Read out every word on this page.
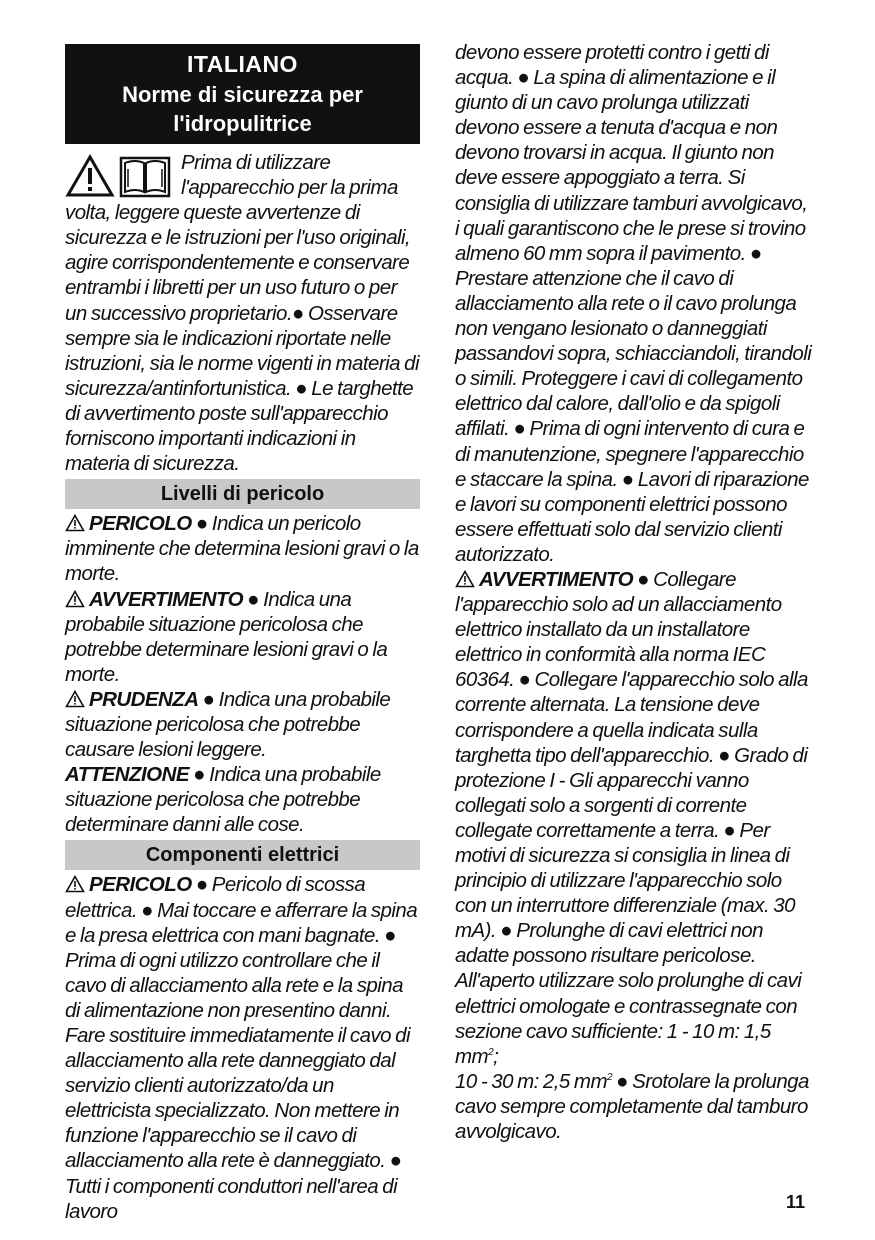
ITALIANO
Norme di sicurezza per l'idropulitrice

Prima di utilizzare l'apparecchio per la prima volta, leggere queste avvertenze di sicurezza e le istruzioni per l'uso originali, agire corrispondentemente e conservare entrambi i libretti per un uso futuro o per un successivo proprietario.● Osservare sempre sia le indicazioni riportate nelle istruzioni, sia le norme vigenti in materia di sicurezza/antinfortunistica. ● Le targhette di avvertimento poste sull'apparecchio forniscono importanti indicazioni in materia di sicurezza.

Livelli di pericolo

PERICOLO ● Indica un pericolo imminente che determina lesioni gravi o la morte.

AVVERTIMENTO ● Indica una probabile situazione pericolosa che potrebbe determinare lesioni gravi o la morte.

PRUDENZA ● Indica una probabile situazione pericolosa che potrebbe causare lesioni leggere.

ATTENZIONE ● Indica una probabile situazione pericolosa che potrebbe determinare danni alle cose.

Componenti elettrici

PERICOLO ● Pericolo di scossa elettrica. ● Mai toccare e afferrare la spina e la presa elettrica con mani bagnate. ● Prima di ogni utilizzo controllare che il cavo di allacciamento alla rete e la spina di alimentazione non presentino danni. Fare sostituire immediatamente il cavo di allacciamento alla rete danneggiato dal servizio clienti autorizzato/da un elettricista specializzato. Non mettere in funzione l'apparecchio se il cavo di allacciamento alla rete è danneggiato. ● Tutti i componenti conduttori nell'area di lavoro

devono essere protetti contro i getti di acqua. ● La spina di alimentazione e il giunto di un cavo prolunga utilizzati devono essere a tenuta d'acqua e non devono trovarsi in acqua. Il giunto non deve essere appoggiato a terra. Si consiglia di utilizzare tamburi avvolgicavo, i quali garantiscono che le prese si trovino almeno 60 mm sopra il pavimento. ● Prestare attenzione che il cavo di allacciamento alla rete o il cavo prolunga non vengano lesionato o danneggiati passandovi sopra, schiacciandoli, tirandoli o simili. Proteggere i cavi di collegamento elettrico dal calore, dall'olio e da spigoli affilati. ● Prima di ogni intervento di cura e di manutenzione, spegnere l'apparecchio e staccare la spina. ● Lavori di riparazione e lavori su componenti elettrici possono essere effettuati solo dal servizio clienti autorizzato.

AVVERTIMENTO ● Collegare l'apparecchio solo ad un allacciamento elettrico installato da un installatore elettrico in conformità alla norma IEC 60364. ● Collegare l'apparecchio solo alla corrente alternata. La tensione deve corrispondere a quella indicata sulla targhetta tipo dell'apparecchio. ● Grado di protezione I - Gli apparecchi vanno collegati solo a sorgenti di corrente collegate correttamente a terra. ● Per motivi di sicurezza si consiglia in linea di principio di utilizzare l'apparecchio solo con un interruttore differenziale (max. 30 mA). ● Prolunghe di cavi elettrici non adatte possono risultare pericolose. All'aperto utilizzare solo prolunghe di cavi elettrici omologate e contrassegnate con sezione cavo sufficiente: 1 - 10 m: 1,5 $mm^2$;
10 - 30 m: 2,5 $mm^2$ ● Srotolare la prolunga cavo sempre completamente dal tamburo avvolgicavo.

11
